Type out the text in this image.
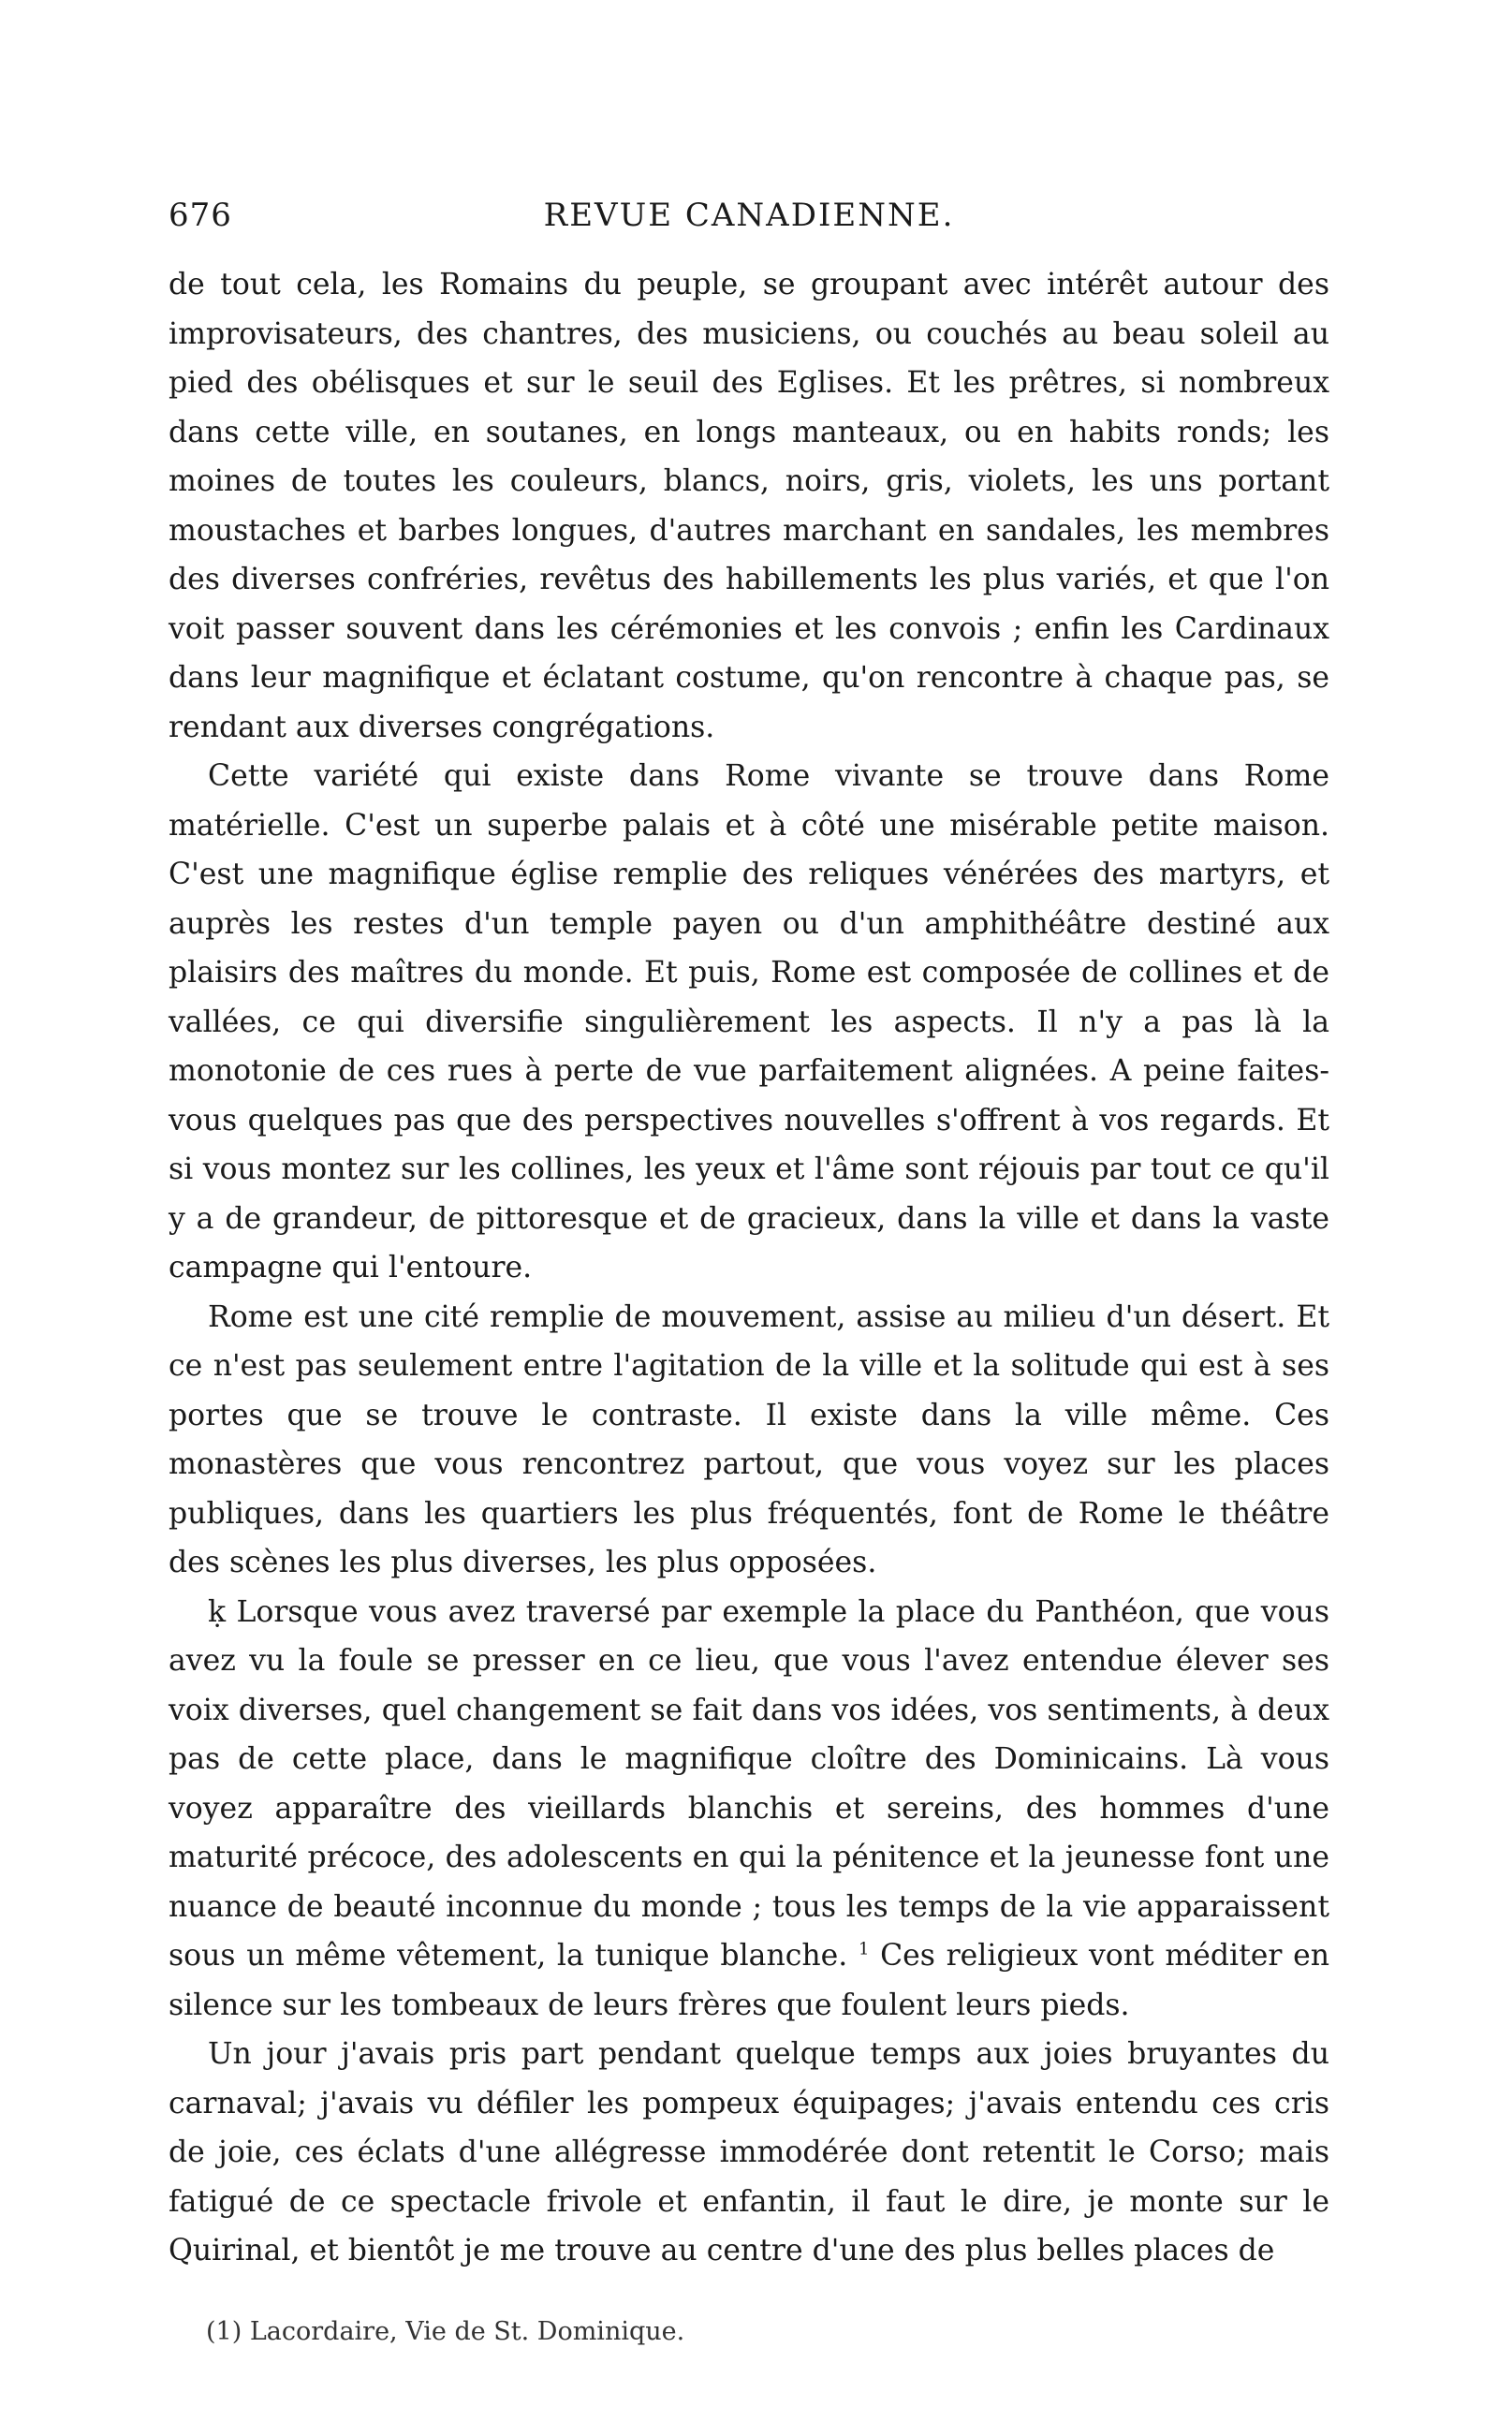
676	REVUE CANADIENNE.

de tout cela, les Romains du peuple, se groupant avec intérêt autour des improvisateurs, des chantres, des musiciens, ou couchés au beau soleil au pied des obélisques et sur le seuil des Eglises. Et les prêtres, si nombreux dans cette ville, en soutanes, en longs manteaux, ou en habits ronds; les moines de toutes les couleurs, blancs, noirs, gris, violets, les uns portant moustaches et barbes longues, d'autres marchant en sandales, les membres des diverses confréries, revêtus des habillements les plus variés, et que l'on voit passer souvent dans les cérémonies et les convois ; enfin les Cardinaux dans leur magnifique et éclatant costume, qu'on rencontre à chaque pas, se rendant aux diverses congrégations.

Cette variété qui existe dans Rome vivante se trouve dans Rome matérielle. C'est un superbe palais et à côté une misérable petite maison. C'est une magnifique église remplie des reliques vénérées des martyrs, et auprès les restes d'un temple payen ou d'un amphithéâtre destiné aux plaisirs des maîtres du monde. Et puis, Rome est composée de collines et de vallées, ce qui diversifie singulièrement les aspects. Il n'y a pas là la monotonie de ces rues à perte de vue parfaitement alignées. A peine faites-vous quelques pas que des perspectives nouvelles s'offrent à vos regards. Et si vous montez sur les collines, les yeux et l'âme sont réjouis par tout ce qu'il y a de grandeur, de pittoresque et de gracieux, dans la ville et dans la vaste campagne qui l'entoure.

Rome est une cité remplie de mouvement, assise au milieu d'un désert. Et ce n'est pas seulement entre l'agitation de la ville et la solitude qui est à ses portes que se trouve le contraste. Il existe dans la ville même. Ces monastères que vous rencontrez partout, que vous voyez sur les places publiques, dans les quartiers les plus fréquentés, font de Rome le théâtre des scènes les plus diverses, les plus opposées.

ḳ Lorsque vous avez traversé par exemple la place du Panthéon, que vous avez vu la foule se presser en ce lieu, que vous l'avez entendue élever ses voix diverses, quel changement se fait dans vos idées, vos sentiments, à deux pas de cette place, dans le magnifique cloître des Dominicains. Là vous voyez apparaître des vieillards blanchis et sereins, des hommes d'une maturité précoce, des adolescents en qui la pénitence et la jeunesse font une nuance de beauté inconnue du monde ; tous les temps de la vie apparaissent sous un même vêtement, la tunique blanche. $^1$ Ces religieux vont méditer en silence sur les tombeaux de leurs frères que foulent leurs pieds.

Un jour j'avais pris part pendant quelque temps aux joies bruyantes du carnaval; j'avais vu défiler les pompeux équipages; j'avais entendu ces cris de joie, ces éclats d'une allégresse immodérée dont retentit le Corso; mais fatigué de ce spectacle frivole et enfantin, il faut le dire, je monte sur le Quirinal, et bientôt je me trouve au centre d'une des plus belles places de

(1) Lacordaire, Vie de St. Dominique.
